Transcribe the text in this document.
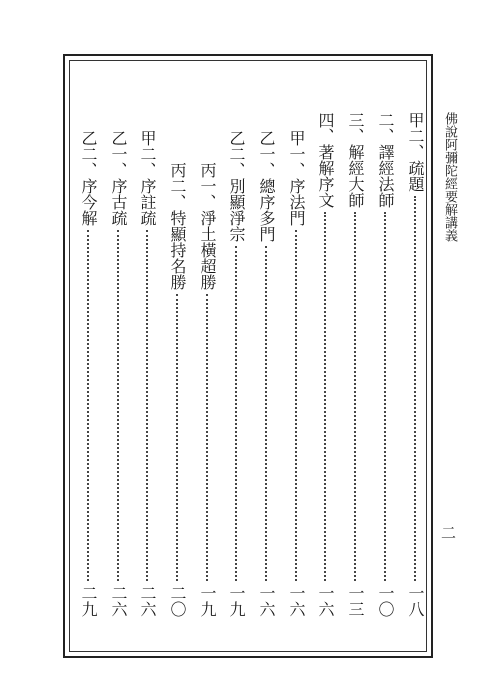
佛說阿彌陀經要解講義
二
甲二、疏題
一八
二、譯經法師
一〇
三、解經大師
一三
四、著解序文
一六
甲一、序法門
一六
乙一、總序多門
一六
乙二、別顯淨宗
一九
丙一、淨土橫超勝
一九
丙二、特顯持名勝
二〇
甲二、序註疏
二六
乙一、序古疏
二六
乙二、序今解
二九
